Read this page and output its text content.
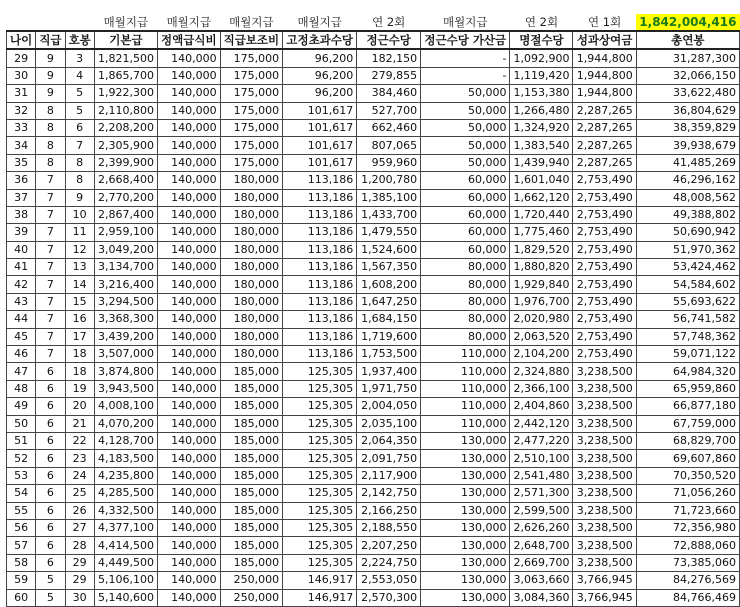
			매월지급	매월지급	매월지급	매월지급	연 2회	매월지급	연 2회	연 1회	1,842,004,416
나이	직급	호봉	기본급	정액급식비	직급보조비	고정초과수당	정근수당	정근수당 가산금	명절수당	성과상여금	총연봉
29	9	3	1,821,500	140,000	175,000	96,200	182,150	-	1,092,900	1,944,800	31,287,300
30	9	4	1,865,700	140,000	175,000	96,200	279,855	-	1,119,420	1,944,800	32,066,150
31	9	5	1,922,300	140,000	175,000	96,200	384,460	50,000	1,153,380	1,944,800	33,622,480
32	8	5	2,110,800	140,000	175,000	101,617	527,700	50,000	1,266,480	2,287,265	36,804,629
33	8	6	2,208,200	140,000	175,000	101,617	662,460	50,000	1,324,920	2,287,265	38,359,829
34	8	7	2,305,900	140,000	175,000	101,617	807,065	50,000	1,383,540	2,287,265	39,938,679
35	8	8	2,399,900	140,000	175,000	101,617	959,960	50,000	1,439,940	2,287,265	41,485,269
36	7	8	2,668,400	140,000	180,000	113,186	1,200,780	60,000	1,601,040	2,753,490	46,296,162
37	7	9	2,770,200	140,000	180,000	113,186	1,385,100	60,000	1,662,120	2,753,490	48,008,562
38	7	10	2,867,400	140,000	180,000	113,186	1,433,700	60,000	1,720,440	2,753,490	49,388,802
39	7	11	2,959,100	140,000	180,000	113,186	1,479,550	60,000	1,775,460	2,753,490	50,690,942
40	7	12	3,049,200	140,000	180,000	113,186	1,524,600	60,000	1,829,520	2,753,490	51,970,362
41	7	13	3,134,700	140,000	180,000	113,186	1,567,350	80,000	1,880,820	2,753,490	53,424,462
42	7	14	3,216,400	140,000	180,000	113,186	1,608,200	80,000	1,929,840	2,753,490	54,584,602
43	7	15	3,294,500	140,000	180,000	113,186	1,647,250	80,000	1,976,700	2,753,490	55,693,622
44	7	16	3,368,300	140,000	180,000	113,186	1,684,150	80,000	2,020,980	2,753,490	56,741,582
45	7	17	3,439,200	140,000	180,000	113,186	1,719,600	80,000	2,063,520	2,753,490	57,748,362
46	7	18	3,507,000	140,000	180,000	113,186	1,753,500	110,000	2,104,200	2,753,490	59,071,122
47	6	18	3,874,800	140,000	185,000	125,305	1,937,400	110,000	2,324,880	3,238,500	64,984,320
48	6	19	3,943,500	140,000	185,000	125,305	1,971,750	110,000	2,366,100	3,238,500	65,959,860
49	6	20	4,008,100	140,000	185,000	125,305	2,004,050	110,000	2,404,860	3,238,500	66,877,180
50	6	21	4,070,200	140,000	185,000	125,305	2,035,100	110,000	2,442,120	3,238,500	67,759,000
51	6	22	4,128,700	140,000	185,000	125,305	2,064,350	130,000	2,477,220	3,238,500	68,829,700
52	6	23	4,183,500	140,000	185,000	125,305	2,091,750	130,000	2,510,100	3,238,500	69,607,860
53	6	24	4,235,800	140,000	185,000	125,305	2,117,900	130,000	2,541,480	3,238,500	70,350,520
54	6	25	4,285,500	140,000	185,000	125,305	2,142,750	130,000	2,571,300	3,238,500	71,056,260
55	6	26	4,332,500	140,000	185,000	125,305	2,166,250	130,000	2,599,500	3,238,500	71,723,660
56	6	27	4,377,100	140,000	185,000	125,305	2,188,550	130,000	2,626,260	3,238,500	72,356,980
57	6	28	4,414,500	140,000	185,000	125,305	2,207,250	130,000	2,648,700	3,238,500	72,888,060
58	6	29	4,449,500	140,000	185,000	125,305	2,224,750	130,000	2,669,700	3,238,500	73,385,060
59	5	29	5,106,100	140,000	250,000	146,917	2,553,050	130,000	3,063,660	3,766,945	84,276,569
60	5	30	5,140,600	140,000	250,000	146,917	2,570,300	130,000	3,084,360	3,766,945	84,766,469
